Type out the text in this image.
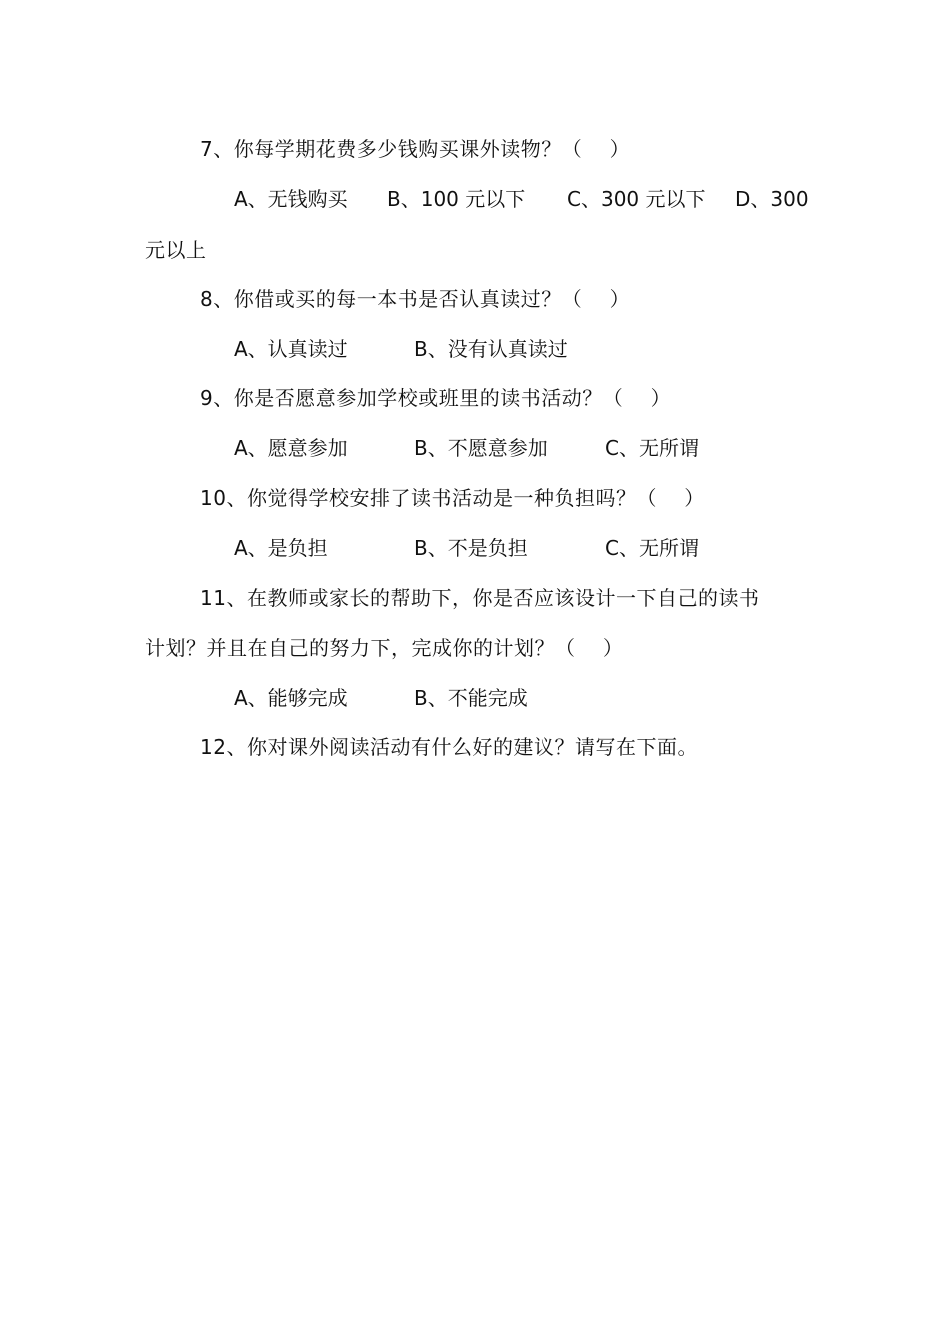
7、你每学期花费多少钱购买课外读物？（　 ）
A、无钱购买 B、100 元以下 C、300 元以下 D、300
元以上
8、你借或买的每一本书是否认真读过？（　 ）
A、认真读过	B、没有认真读过
9、你是否愿意参加学校或班里的读书活动？（　 ）
A、愿意参加	B、不愿意参加	C、无所谓
10、你觉得学校安排了读书活动是一种负担吗？（　 ）
A、是负担	B、不是负担	C、无所谓
11、在教师或家长的帮助下，你是否应该设计一下自己的读书
计划？并且在自己的努力下，完成你的计划？（　 ）
A、能够完成	B、不能完成
12、你对课外阅读活动有什么好的建议？请写在下面。
